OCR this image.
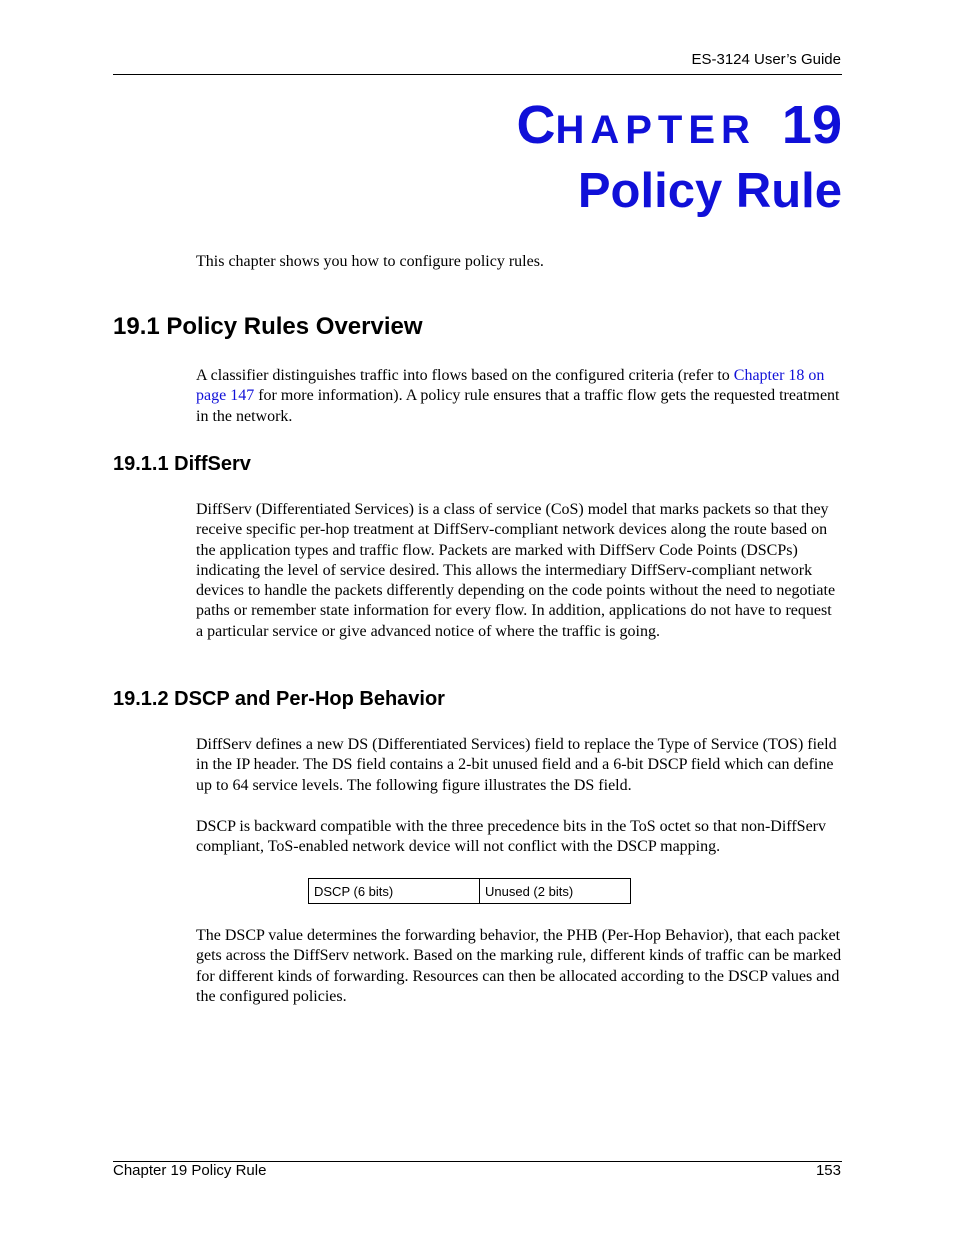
ES-3124 User’s Guide
CHAPTER 19
Policy Rule

This chapter shows you how to configure policy rules.

19.1 Policy Rules Overview

A classifier distinguishes traffic into flows based on the configured criteria (refer to Chapter 18 on page 147 for more information). A policy rule ensures that a traffic flow gets the requested treatment in the network.

19.1.1 DiffServ

DiffServ (Differentiated Services) is a class of service (CoS) model that marks packets so that they receive specific per-hop treatment at DiffServ-compliant network devices along the route based on the application types and traffic flow. Packets are marked with DiffServ Code Points (DSCPs) indicating the level of service desired. This allows the intermediary DiffServ-compliant network devices to handle the packets differently depending on the code points without the need to negotiate paths or remember state information for every flow. In addition, applications do not have to request a particular service or give advanced notice of where the traffic is going.

19.1.2 DSCP and Per-Hop Behavior

DiffServ defines a new DS (Differentiated Services) field to replace the Type of Service (TOS) field in the IP header. The DS field contains a 2-bit unused field and a 6-bit DSCP field which can define up to 64 service levels. The following figure illustrates the DS field.

DSCP is backward compatible with the three precedence bits in the ToS octet so that non-DiffServ compliant, ToS-enabled network device will not conflict with the DSCP mapping.

DSCP (6 bits)	Unused (2 bits)

The DSCP value determines the forwarding behavior, the PHB (Per-Hop Behavior), that each packet gets across the DiffServ network. Based on the marking rule, different kinds of traffic can be marked for different kinds of forwarding. Resources can then be allocated according to the DSCP values and the configured policies.

Chapter 19 Policy Rule	153
